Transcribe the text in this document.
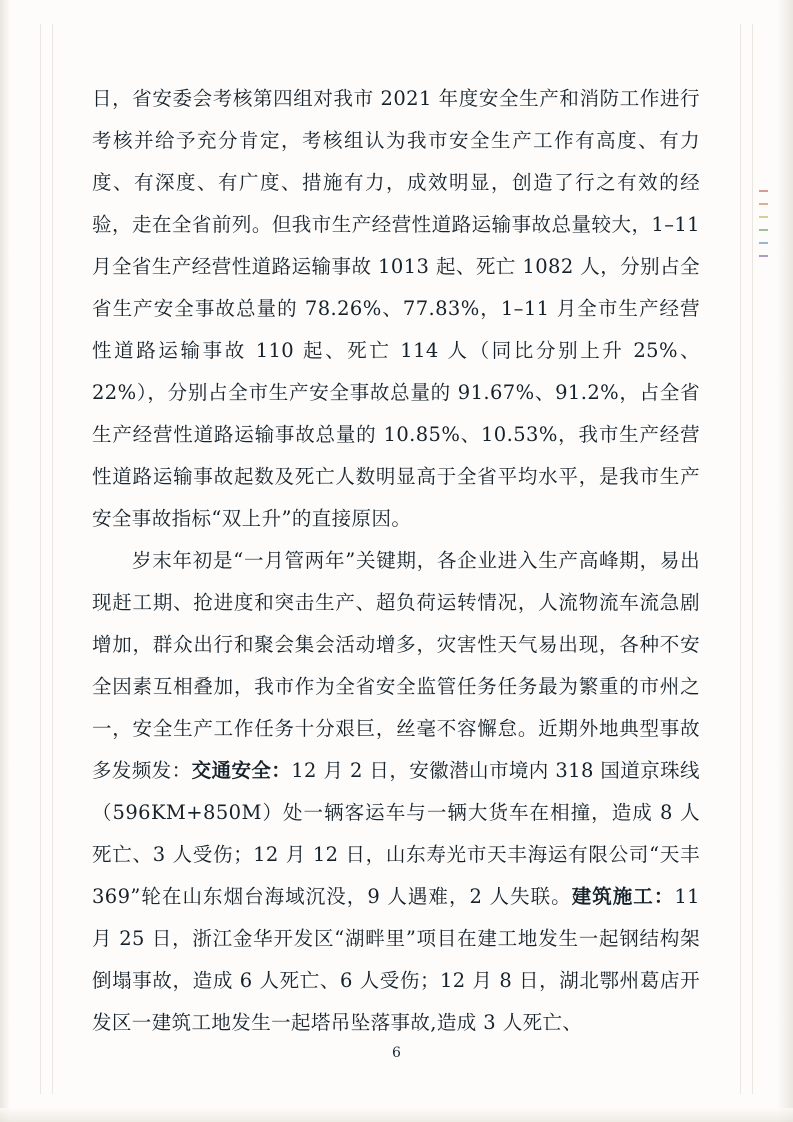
日，省安委会考核第四组对我市 2021 年度安全生产和消防工作进行考核并给予充分肯定，考核组认为我市安全生产工作有高度、有力度、有深度、有广度、措施有力，成效明显，创造了行之有效的经验，走在全省前列。但我市生产经营性道路运输事故总量较大，1–11 月全省生产经营性道路运输事故 1013 起、死亡 1082 人，分别占全省生产安全事故总量的 78.26%、77.83%，1–11 月全市生产经营性道路运输事故 110 起、死亡 114 人（同比分别上升 25%、22%），分别占全市生产安全事故总量的 91.67%、91.2%，占全省生产经营性道路运输事故总量的 10.85%、10.53%，我市生产经营性道路运输事故起数及死亡人数明显高于全省平均水平，是我市生产安全事故指标“双上升”的直接原因。

岁末年初是“一月管两年”关键期，各企业进入生产高峰期，易出现赶工期、抢进度和突击生产、超负荷运转情况，人流物流车流急剧增加，群众出行和聚会集会活动增多，灾害性天气易出现，各种不安全因素互相叠加，我市作为全省安全监管任务任务最为繁重的市州之一，安全生产工作任务十分艰巨，丝毫不容懈怠。近期外地典型事故多发频发：交通安全：12 月 2 日，安徽潜山市境内 318 国道京珠线（596KM+850M）处一辆客运车与一辆大货车在相撞，造成 8 人死亡、3 人受伤；12 月 12 日，山东寿光市天丰海运有限公司“天丰 369”轮在山东烟台海域沉没，9 人遇难，2 人失联。建筑施工：11 月 25 日，浙江金华开发区“湖畔里”项目在建工地发生一起钢结构架倒塌事故，造成 6 人死亡、6 人受伤；12 月 8 日，湖北鄂州葛店开发区一建筑工地发生一起塔吊坠落事故,造成 3 人死亡、

6
